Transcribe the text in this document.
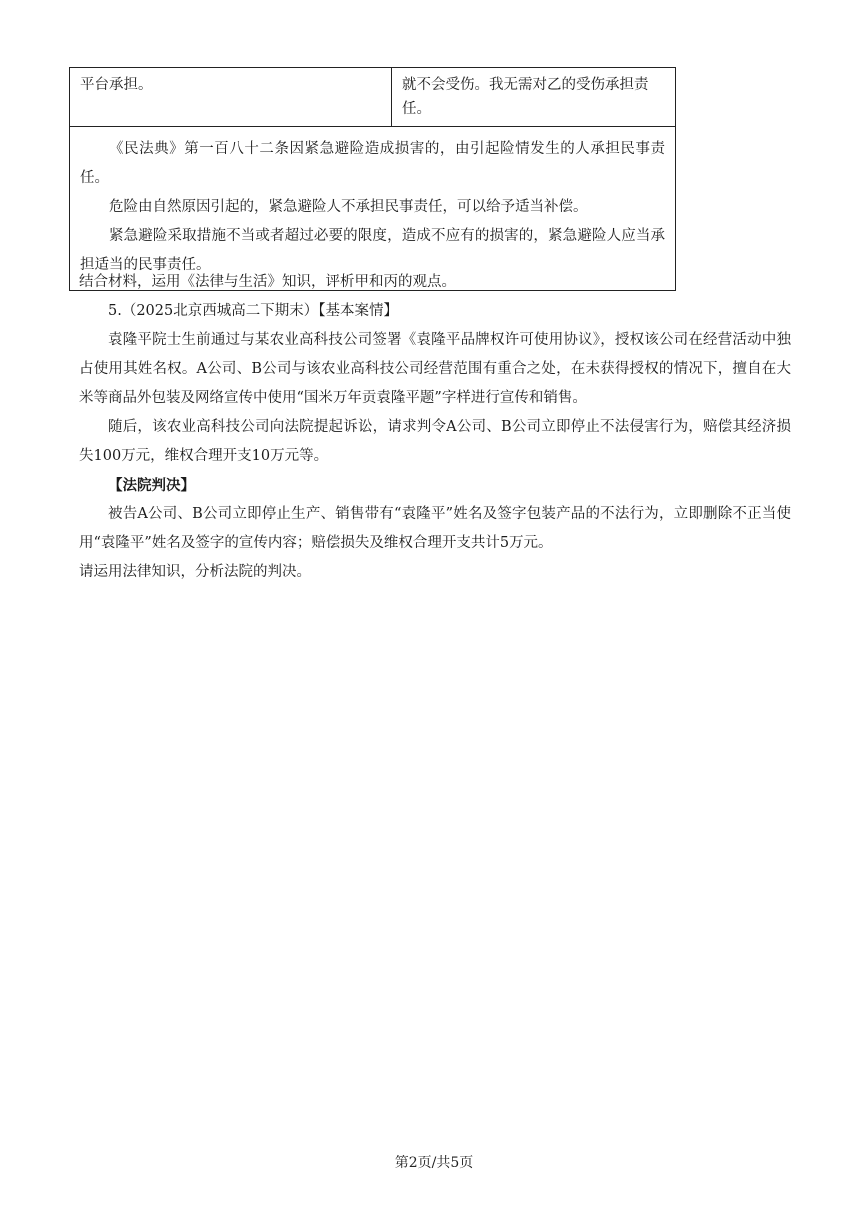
平台承担。	就不会受伤。我无需对乙的受伤承担责任。

《民法典》第一百八十二条因紧急避险造成损害的，由引起险情发生的人承担民事责任。

危险由自然原因引起的，紧急避险人不承担民事责任，可以给予适当补偿。

紧急避险采取措施不当或者超过必要的限度，造成不应有的损害的，紧急避险人应当承担适当的民事责任。

结合材料，运用《法律与生活》知识，评析甲和丙的观点。

5.（2025北京西城高二下期末）【基本案情】

袁隆平院士生前通过与某农业高科技公司签署《袁隆平品牌权许可使用协议》，授权该公司在经营活动中独占使用其姓名权。A公司、B公司与该农业高科技公司经营范围有重合之处，在未获得授权的情况下，擅自在大米等商品外包装及网络宣传中使用“国米万年贡袁隆平题”字样进行宣传和销售。

随后，该农业高科技公司向法院提起诉讼，请求判令A公司、B公司立即停止不法侵害行为，赔偿其经济损失100万元，维权合理开支10万元等。

【法院判决】

被告A公司、B公司立即停止生产、销售带有“袁隆平”姓名及签字包装产品的不法行为，立即删除不正当使用“袁隆平”姓名及签字的宣传内容；赔偿损失及维权合理开支共计5万元。

请运用法律知识，分析法院的判决。

第2页/共5页
